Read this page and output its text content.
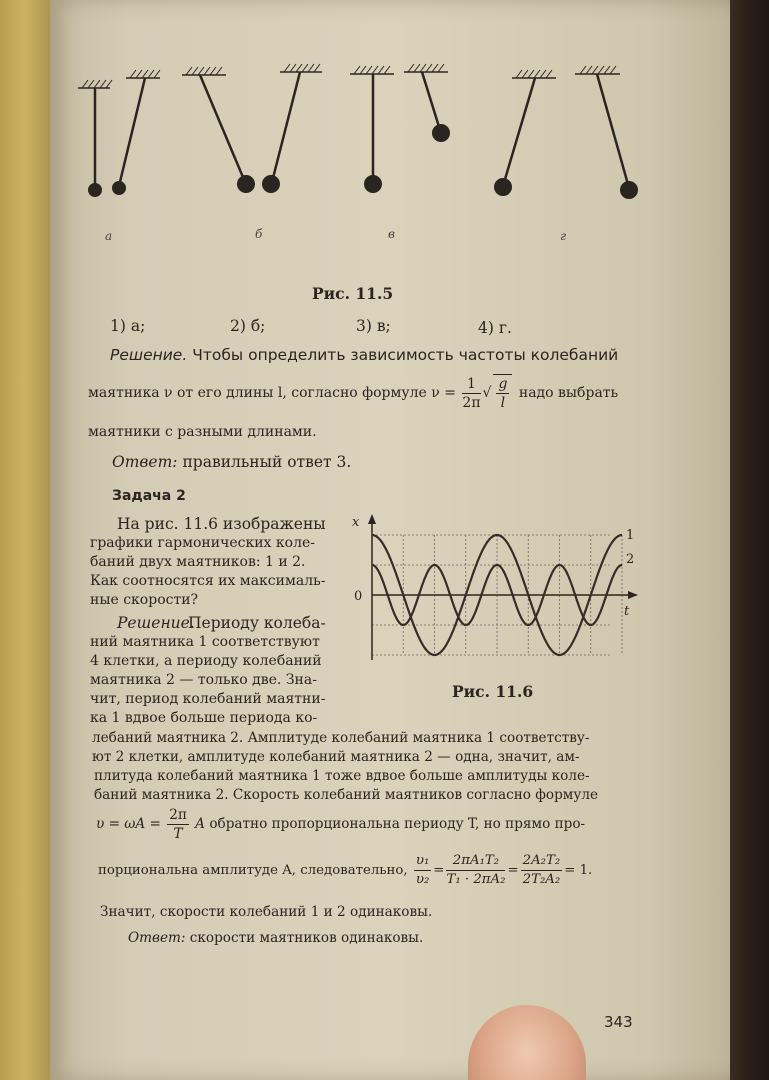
а	б	в	г
Рис. 11.5
1) а;	2) б;	3) в;	4) г.
Решение. Чтобы определить зависимость частоты колебаний
маятника ν от его длины l, согласно формуле $\nu = \frac{1}{2\pi}$ √ $\frac{g}{l}$ надо выбрать
маятники с разными длинами.
Ответ: правильный ответ 3.
Задача 2
На рис. 11.6 изображены
графики гармонических коле-
баний двух маятников: 1 и 2.
Как соотносятся их максималь-
ные скорости?
Решение.
Периоду колеба-
ний маятника 1 соответствуют
4 клетки, а периоду колебаний
маятника 2 — только две. Зна-
чит, период колебаний маятни-
ка 1 вдвое больше периода ко-
лебаний маятника 2. Амплитуде колебаний маятника 1 соответству-
ют 2 клетки, амплитуде колебаний маятника 2 — одна, значит, ам-
плитуда колебаний маятника 1 тоже вдвое больше амплитуды коле-
баний маятника 2. Скорость колебаний маятников согласно формуле
$\upsilon = \omega A = \frac{2\pi}{T}$ A обратно пропорциональна периоду T, но прямо про-
порциональна амплитуде A, следовательно, $\frac{\text{υ₁}}{\text{υ₂}} = \frac{\text{2πA₁T₂}}{\text{T₁ · 2πA₂}} = \frac{\text{2A₂T₂}}{\text{2T₂A₂}} = 1$.
Значит, скорости колебаний 1 и 2 одинаковы.
Ответ: скорости маятников одинаковы.
1
2
t
x
0
Рис. 11.6
343
